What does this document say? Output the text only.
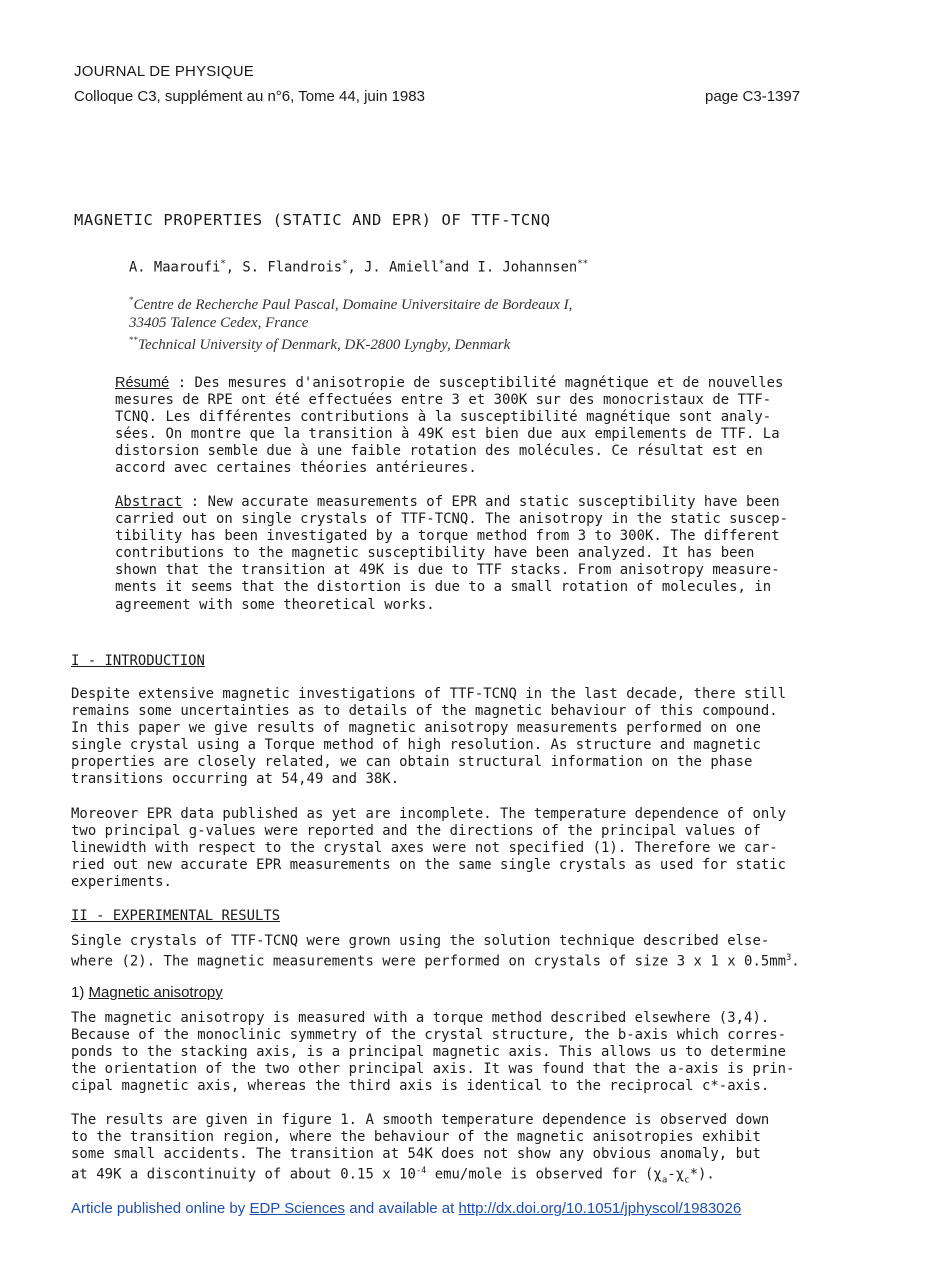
JOURNAL DE PHYSIQUE
Colloque C3, supplément au n°6, Tome 44, juin 1983	page C3-1397
MAGNETIC PROPERTIES (STATIC AND EPR) OF TTF-TCNQ
A. Maaroufi*, S. Flandrois*, J. Amiell*and I. Johannsen**
*Centre de Recherche Paul Pascal, Domaine Universitaire de Bordeaux I,
33405 Talence Cedex, France
**Technical University of Denmark, DK-2800 Lyngby, Denmark
Résumé : Des mesures d'anisotropie de susceptibilité magnétique et de nouvelles
mesures de RPE ont été effectuées entre 3 et 300K sur des monocristaux de TTF-
TCNQ. Les différentes contributions à la susceptibilité magnétique sont analy-
sées. On montre que la transition à 49K est bien due aux empilements de TTF. La
distorsion semble due à une faible rotation des molécules. Ce résultat est en
accord avec certaines théories antérieures.
Abstract : New accurate measurements of EPR and static susceptibility have been
carried out on single crystals of TTF-TCNQ. The anisotropy in the static suscep-
tibility has been investigated by a torque method from 3 to 300K. The different
contributions to the magnetic susceptibility have been analyzed. It has been
shown that the transition at 49K is due to TTF stacks. From anisotropy measure-
ments it seems that the distortion is due to a small rotation of molecules, in
agreement with some theoretical works.
I - INTRODUCTION
Despite extensive magnetic investigations of TTF-TCNQ in the last decade, there still
remains some uncertainties as to details of the magnetic behaviour of this compound.
In this paper we give results of magnetic anisotropy measurements performed on one
single crystal using a Torque method of high resolution. As structure and magnetic
properties are closely related, we can obtain structural information on the phase
transitions occurring at 54,49 and 38K.
Moreover EPR data published as yet are incomplete. The temperature dependence of only
two principal g-values were reported and the directions of the principal values of
linewidth with respect to the crystal axes were not specified (1). Therefore we car-
ried out new accurate EPR measurements on the same single crystals as used for static
experiments.
II - EXPERIMENTAL RESULTS
Single crystals of TTF-TCNQ were grown using the solution technique described else-
where (2). The magnetic measurements were performed on crystals of size 3 x 1 x $0.5mm^3$.
1) Magnetic anisotropy
The magnetic anisotropy is measured with a torque method described elsewhere (3,4).
Because of the monoclinic symmetry of the crystal structure, the b-axis which corres-
ponds to the stacking axis, is a principal magnetic axis. This allows us to determine
the orientation of the two other principal axis. It was found that the a-axis is prin-
cipal magnetic axis, whereas the third axis is identical to the reciprocal c*-axis.
The results are given in figure 1. A smooth temperature dependence is observed down
to the transition region, where the behaviour of the magnetic anisotropies exhibit
some small accidents. The transition at 54K does not show any obvious anomaly, but
at 49K a discontinuity of about 0.15 x $10^{-4}$ emu/mole is observed for $(\chi_a-\chi_c*)$.
Article published online by EDP Sciences and available at http://dx.doi.org/10.1051/jphyscol/1983026
